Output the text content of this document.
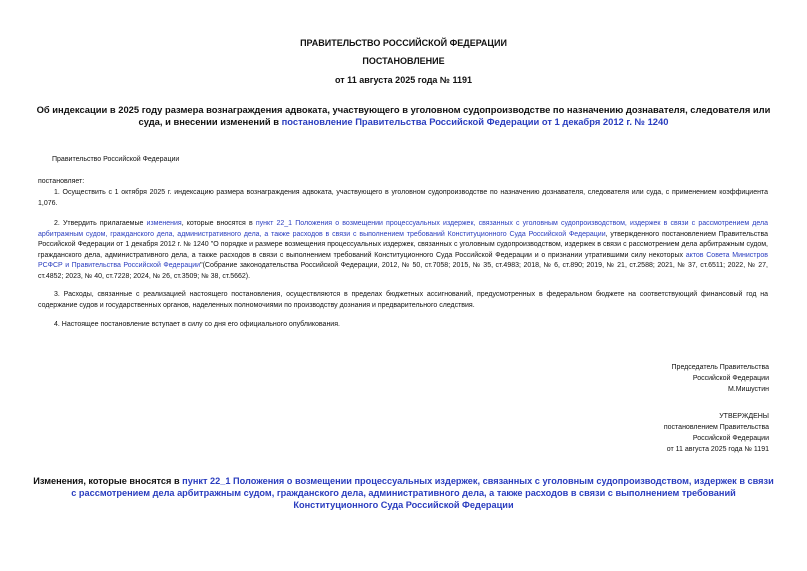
ПРАВИТЕЛЬСТВО РОССИЙСКОЙ ФЕДЕРАЦИИ
ПОСТАНОВЛЕНИЕ
от 11 августа 2025 года № 1191
Об индексации в 2025 году размера вознаграждения адвоката, участвующего в уголовном судопроизводстве по назначению дознавателя, следователя или суда, и внесении изменений в постановление Правительства Российской Федерации от 1 декабря 2012 г. № 1240
Правительство Российской Федерации
постановляет:
1. Осуществить с 1 октября 2025 г. индексацию размера вознаграждения адвоката, участвующего в уголовном судопроизводстве по назначению дознавателя, следователя или суда, с применением коэффициента 1,076.
2. Утвердить прилагаемые изменения, которые вносятся в пункт 22_1 Положения о возмещении процессуальных издержек, связанных с уголовным судопроизводством, издержек в связи с рассмотрением дела арбитражным судом, гражданского дела, административного дела, а также расходов в связи с выполнением требований Конституционного Суда Российской Федерации, утвержденного постановлением Правительства Российской Федерации от 1 декабря 2012 г. № 1240 "О порядке и размере возмещения процессуальных издержек, связанных с уголовным судопроизводством, издержек в связи с рассмотрением дела арбитражным судом, гражданского дела, административного дела, а также расходов в связи с выполнением требований Конституционного Суда Российской Федерации и о признании утратившими силу некоторых актов Совета Министров РСФСР и Правительства Российской Федерации"(Собрание законодательства Российской Федерации, 2012, № 50, ст.7058; 2015, № 35, ст.4983; 2018, № 6, ст.890; 2019, № 21, ст.2588; 2021, № 37, ст.6511; 2022, № 27, ст.4852; 2023, № 40, ст.7228; 2024, № 26, ст.3509; № 38, ст.5662).
3. Расходы, связанные с реализацией настоящего постановления, осуществляются в пределах бюджетных ассигнований, предусмотренных в федеральном бюджете на соответствующий финансовый год на содержание судов и государственных органов, наделенных полномочиями по производству дознания и предварительного следствия.
4. Настоящее постановление вступает в силу со дня его официального опубликования.
Председатель Правительства
Российской Федерации
М.Мишустин
УТВЕРЖДЕНЫ
постановлением Правительства
Российской Федерации
от 11 августа 2025 года № 1191
Изменения, которые вносятся в пункт 22_1 Положения о возмещении процессуальных издержек, связанных с уголовным судопроизводством, издержек в связи с рассмотрением дела арбитражным судом, гражданского дела, административного дела, а также расходов в связи с выполнением требований Конституционного Суда Российской Федерации
